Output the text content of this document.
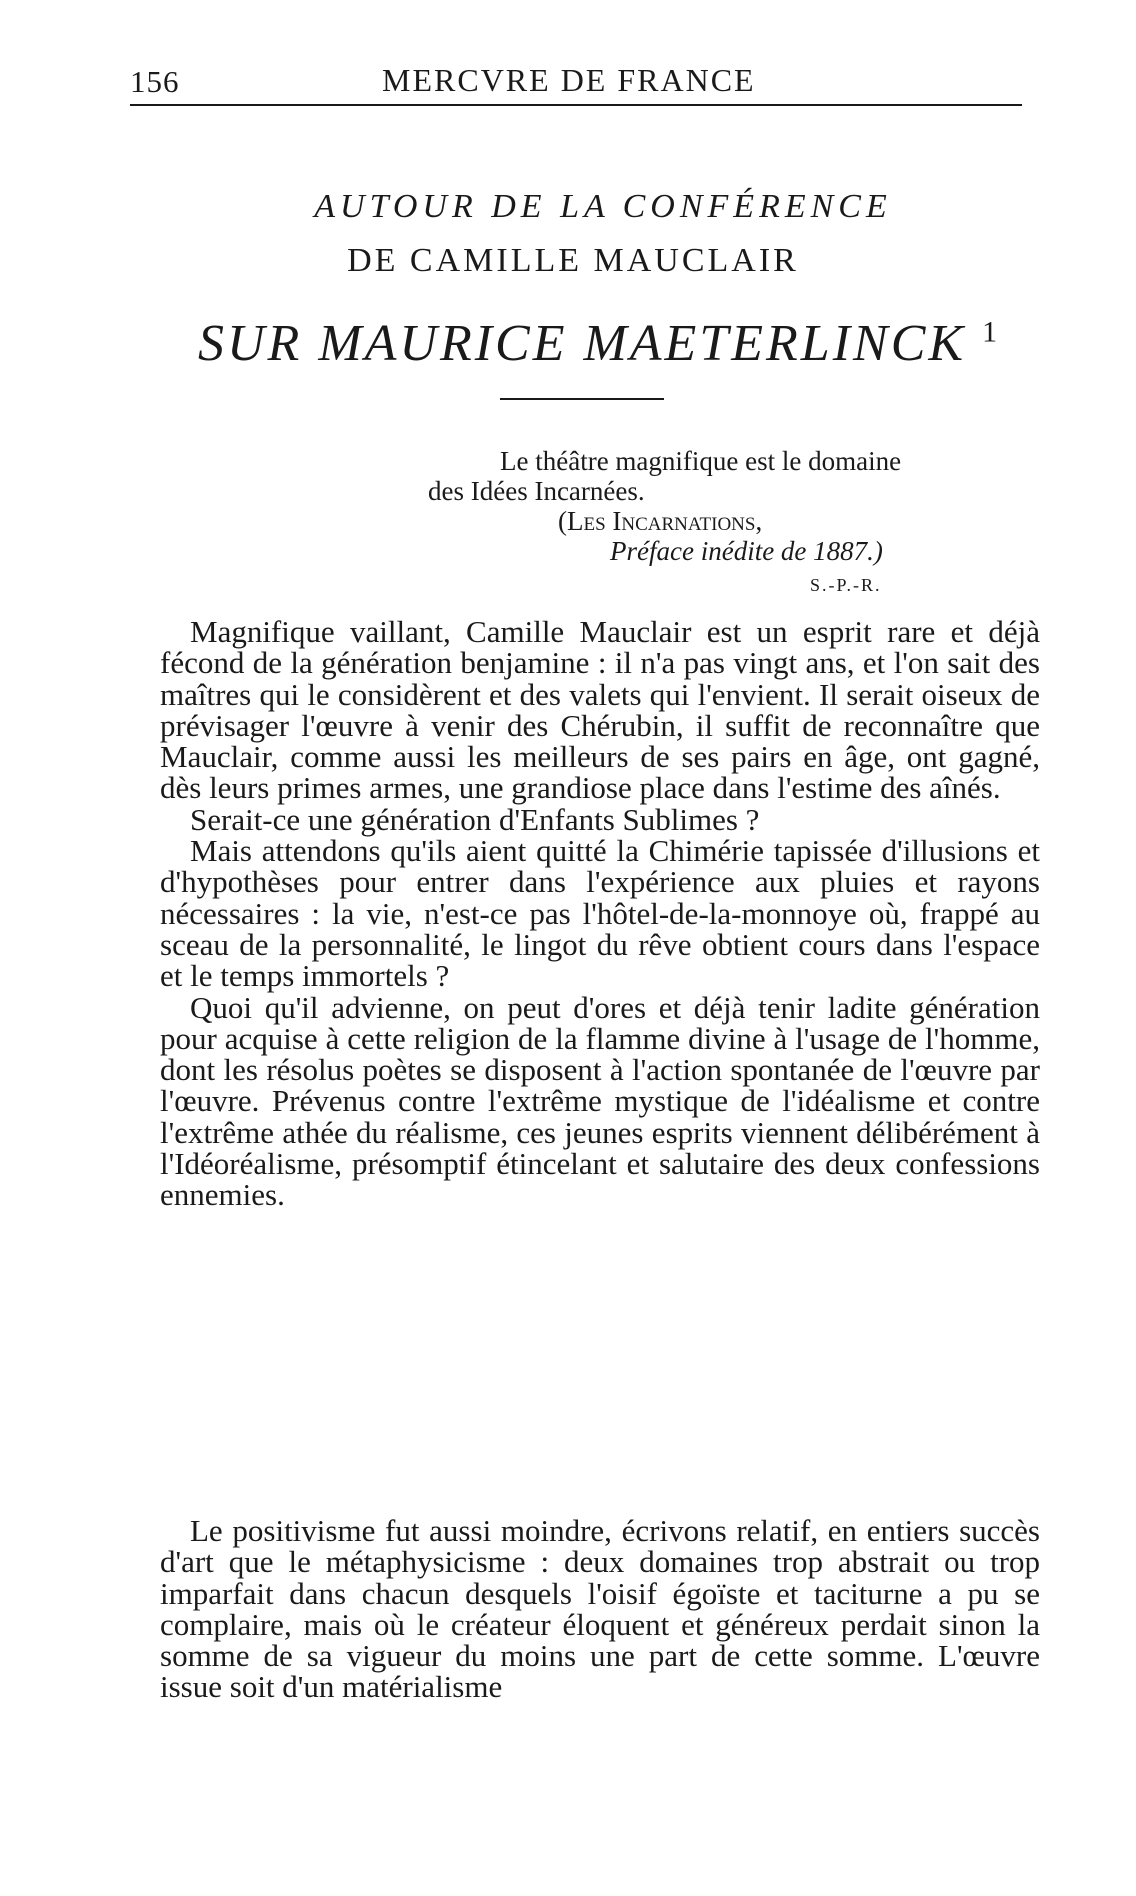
156	MERCVRE DE FRANCE
AUTOUR DE LA CONFÉRENCE
DE CAMILLE MAUCLAIR
SUR MAURICE MAETERLINCK $^1$
Le théâtre magnifique est le domaine
des Idées Incarnées.
(Les Incarnations,
Préface inédite de 1887.)
S.-P.-R.

Magnifique vaillant, Camille Mauclair est un esprit rare et déjà fécond de la génération benjamine : il n'a pas vingt ans, et l'on sait des maîtres qui le considèrent et des valets qui l'envient. Il serait oiseux de prévisager l'œuvre à venir des Chérubin, il suffit de reconnaître que Mauclair, comme aussi les meilleurs de ses pairs en âge, ont gagné, dès leurs primes armes, une grandiose place dans l'estime des aînés.

Serait-ce une génération d'Enfants Sublimes ?

Mais attendons qu'ils aient quitté la Chimérie tapissée d'illusions et d'hypothèses pour entrer dans l'expérience aux pluies et rayons nécessaires : la vie, n'est-ce pas l'hôtel-de-la-monnoye où, frappé au sceau de la personnalité, le lingot du rêve obtient cours dans l'espace et le temps immortels ?

Quoi qu'il advienne, on peut d'ores et déjà tenir ladite génération pour acquise à cette religion de la flamme divine à l'usage de l'homme, dont les résolus poètes se disposent à l'action spontanée de l'œuvre par l'œuvre. Prévenus contre l'extrême mystique de l'idéalisme et contre l'extrême athée du réalisme, ces jeunes esprits viennent délibérément à l'Idéoréalisme, présomptif étincelant et salutaire des deux confessions ennemies.

Le positivisme fut aussi moindre, écrivons relatif, en entiers succès d'art que le métaphysicisme : deux domaines trop abstrait ou trop imparfait dans chacun desquels l'oisif égoïste et taciturne a pu se complaire, mais où le créateur éloquent et généreux perdait sinon la somme de sa vigueur du moins une part de cette somme. L'œuvre issue soit d'un matérialisme
